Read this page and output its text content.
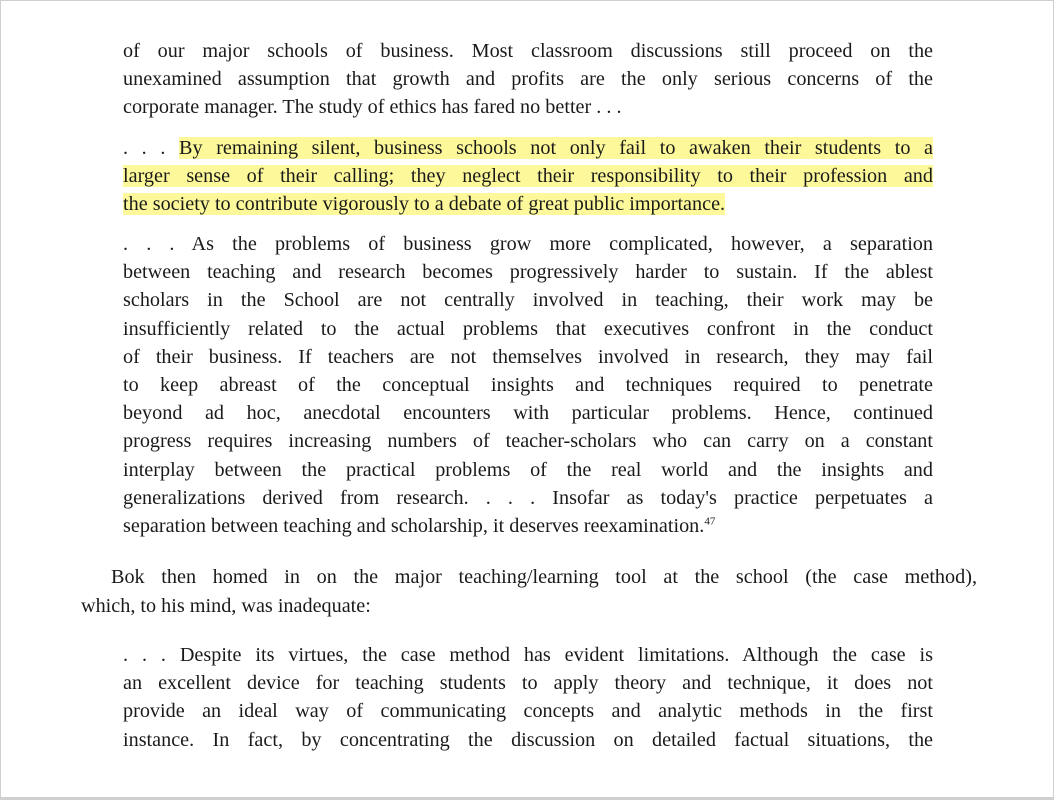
of our major schools of business. Most classroom discussions still proceed on the
unexamined assumption that growth and profits are the only serious concerns of the
corporate manager. The study of ethics has fared no better . . .
. . . By remaining silent, business schools not only fail to awaken their students to a
larger sense of their calling; they neglect their responsibility to their profession and
the society to contribute vigorously to a debate of great public importance.
. . . As the problems of business grow more complicated, however, a separation
between teaching and research becomes progressively harder to sustain. If the ablest
scholars in the School are not centrally involved in teaching, their work may be
insufficiently related to the actual problems that executives confront in the conduct
of their business. If teachers are not themselves involved in research, they may fail
to keep abreast of the conceptual insights and techniques required to penetrate
beyond ad hoc, anecdotal encounters with particular problems. Hence, continued
progress requires increasing numbers of teacher-scholars who can carry on a constant
interplay between the practical problems of the real world and the insights and
generalizations derived from research. . . . Insofar as today's practice perpetuates a
separation between teaching and scholarship, it deserves reexamination.$^{47}$
Bok then homed in on the major teaching/learning tool at the school (the case method),
which, to his mind, was inadequate:
. . . Despite its virtues, the case method has evident limitations. Although the case is
an excellent device for teaching students to apply theory and technique, it does not
provide an ideal way of communicating concepts and analytic methods in the first
instance. In fact, by concentrating the discussion on detailed factual situations, the
